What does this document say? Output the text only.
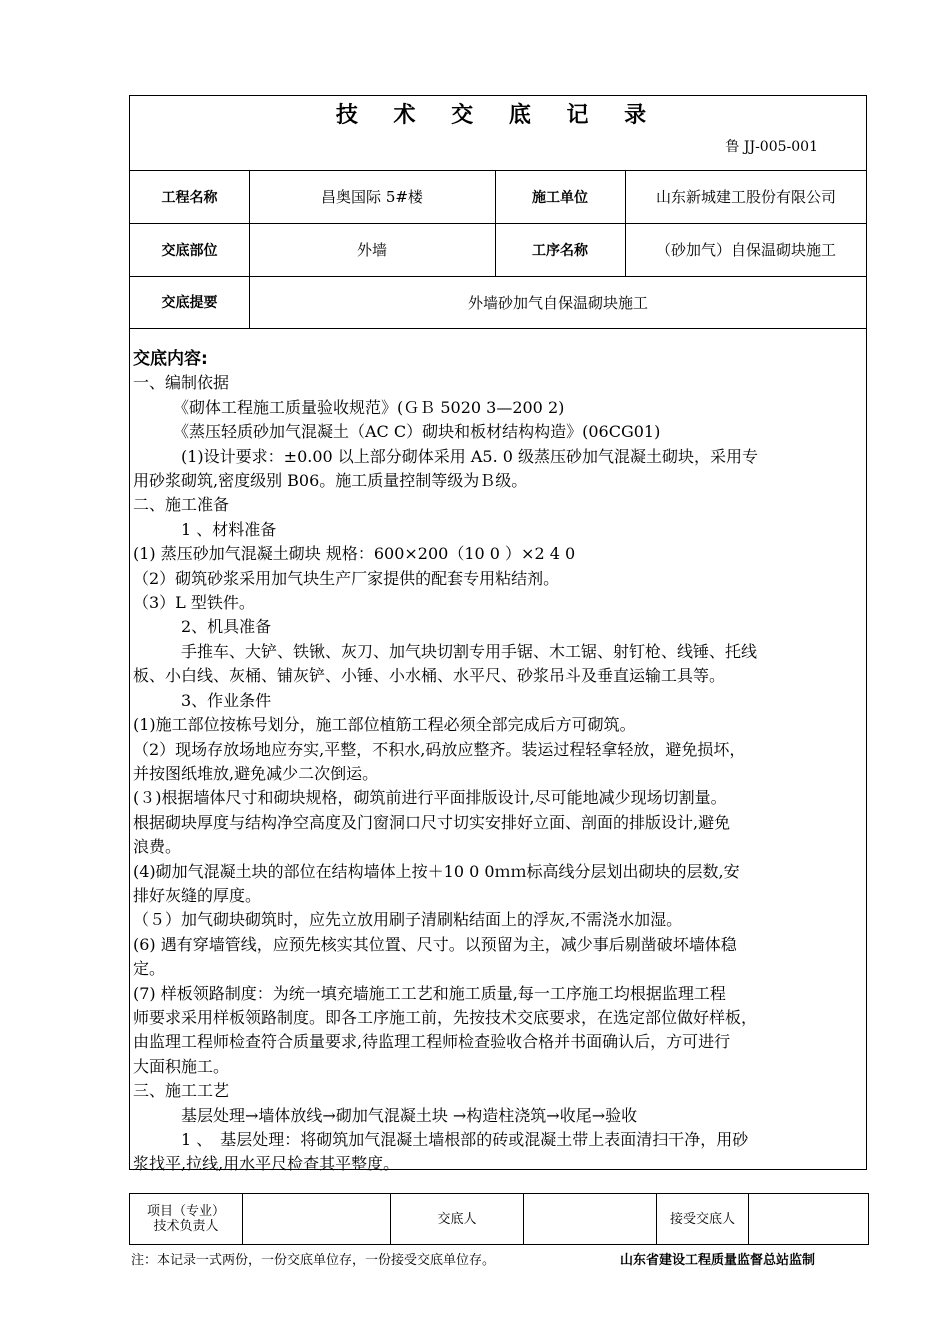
技 术 交 底 记 录
鲁 JJ-005-001
工程名称	昌奥国际 5#楼	施工单位	山东新城建工股份有限公司
交底部位	外墙	工序名称	（砂加气）自保温砌块施工
交底提要	外墙砂加气自保温砌块施工
交底内容:
一、编制依据
　　　《砌体工程施工质量验收规范》(ＧＢ 5020 3—200 2)
　　　《蒸压轻质砂加气混凝土（AC C）砌块和板材结构构造》(06CG01)
　　　(1)设计要求：±0.00 以上部分砌体采用 A5. 0 级蒸压砂加气混凝土砌块，采用专
用砂浆砌筑,密度级别 B06。施工质量控制等级为Ｂ级。
二、施工准备
　　　1 、材料准备
(1) 蒸压砂加气混凝土砌块 规格：600×200（10 0 ）×2 4 0
（2）砌筑砂浆采用加气块生产厂家提供的配套专用粘结剂。
（3）L 型铁件。
　　　2、机具准备
　　　手推车、大铲、铁锹、灰刀、加气块切割专用手锯、木工锯、射钉枪、线锤、托线
板、小白线、灰桶、铺灰铲、小锤、小水桶、水平尺、砂浆吊斗及垂直运输工具等。
　　　3、作业条件
(1)施工部位按栋号划分，施工部位植筋工程必须全部完成后方可砌筑。
（2）现场存放场地应夯实,平整，不积水,码放应整齐。装运过程轻拿轻放，避免损坏，
并按图纸堆放,避免减少二次倒运。
(３)根据墙体尺寸和砌块规格，砌筑前进行平面排版设计,尽可能地减少现场切割量。
根据砌块厚度与结构净空高度及门窗洞口尺寸切实安排好立面、剖面的排版设计,避免
浪费。
(4)砌加气混凝土块的部位在结构墙体上按＋10 0 0ｍｍ标高线分层划出砌块的层数,安
排好灰缝的厚度。
（５）加气砌块砌筑时，应先立放用刷子清刷粘结面上的浮灰,不需浇水加湿。
(6) 遇有穿墙管线，应预先核实其位置、尺寸。以预留为主，减少事后剔凿破坏墙体稳
定。
(7) 样板领路制度：为统一填充墙施工工艺和施工质量,每一工序施工均根据监理工程
师要求采用样板领路制度。即各工序施工前，先按技术交底要求，在选定部位做好样板，
由监理工程师检查符合质量要求,待监理工程师检查验收合格并书面确认后，方可进行
大面积施工。
三、施工工艺
　　　基层处理→墙体放线→砌加气混凝土块 →构造柱浇筑→收尾→验收
　　　1 、　基层处理：将砌筑加气混凝土墙根部的砖或混凝土带上表面清扫干净，用砂
浆找平,拉线,用水平尺检查其平整度。
项目（专业）
技术负责人	交底人	接受交底人
注：本记录一式两份，一份交底单位存，一份接受交底单位存。	山东省建设工程质量监督总站监制
